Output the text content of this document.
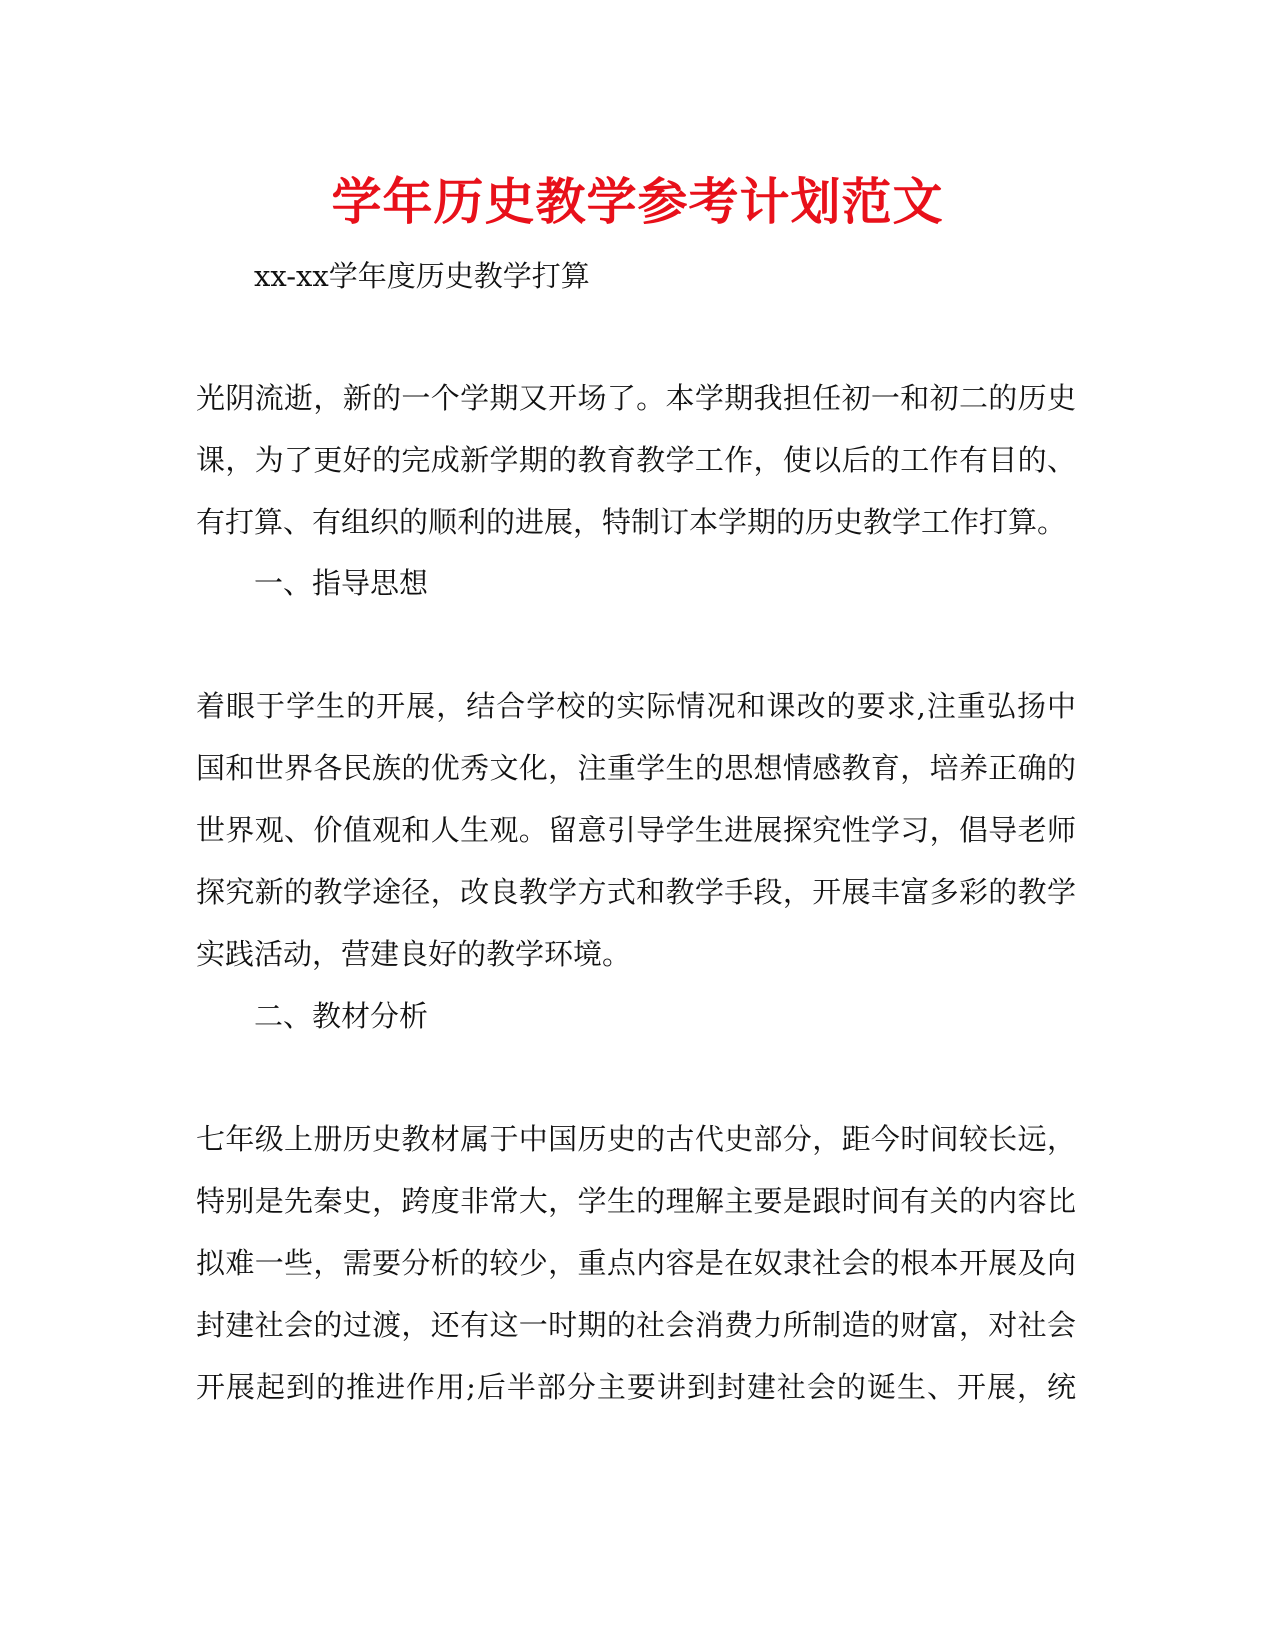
学年历史教学参考计划范文
xx-xx学年度历史教学打算
光阴流逝，新的一个学期又开场了。本学期我担任初一和初二的历史
课，为了更好的完成新学期的教育教学工作，使以后的工作有目的、
有打算、有组织的顺利的进展，特制订本学期的历史教学工作打算。
一、指导思想
着眼于学生的开展，结合学校的实际情况和课改的要求,注重弘扬中
国和世界各民族的优秀文化，注重学生的思想情感教育，培养正确的
世界观、价值观和人生观。留意引导学生进展探究性学习，倡导老师
探究新的教学途径，改良教学方式和教学手段，开展丰富多彩的教学
实践活动，营建良好的教学环境。
二、教材分析
七年级上册历史教材属于中国历史的古代史部分，距今时间较长远，
特别是先秦史，跨度非常大，学生的理解主要是跟时间有关的内容比
拟难一些，需要分析的较少，重点内容是在奴隶社会的根本开展及向
封建社会的过渡，还有这一时期的社会消费力所制造的财富，对社会
开展起到的推进作用;后半部分主要讲到封建社会的诞生、开展，统
